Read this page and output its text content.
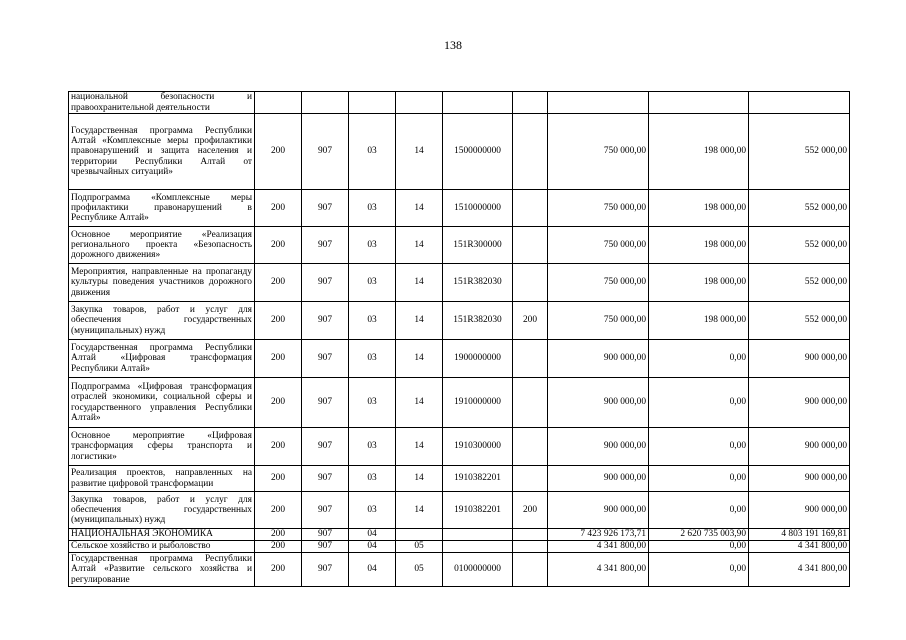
138
национальной безопасности и правоохранительной деятельности									
Государственная программа Республики Алтай «Комплексные меры профилактики правонарушений и защита населения и территории Республики Алтай от чрезвычайных ситуаций»	200	907	03	14	1500000000		750 000,00	198 000,00	552 000,00
Подпрограмма «Комплексные меры профилактики правонарушений в Республике Алтай»	200	907	03	14	1510000000		750 000,00	198 000,00	552 000,00
Основное мероприятие «Реализация регионального проекта «Безопасность дорожного движения»	200	907	03	14	151R300000		750 000,00	198 000,00	552 000,00
Мероприятия, направленные на пропаганду культуры поведения участников дорожного движения	200	907	03	14	151R382030		750 000,00	198 000,00	552 000,00
Закупка товаров, работ и услуг для обеспечения государственных (муниципальных) нужд	200	907	03	14	151R382030	200	750 000,00	198 000,00	552 000,00
Государственная программа Республики Алтай «Цифровая трансформация Республики Алтай»	200	907	03	14	1900000000		900 000,00	0,00	900 000,00
Подпрограмма «Цифровая трансформация отраслей экономики, социальной сферы и государственного управления Республики Алтай»	200	907	03	14	1910000000		900 000,00	0,00	900 000,00
Основное мероприятие «Цифровая трансформация сферы транспорта и логистики»	200	907	03	14	1910300000		900 000,00	0,00	900 000,00
Реализация проектов, направленных на развитие цифровой трансформации	200	907	03	14	1910382201		900 000,00	0,00	900 000,00
Закупка товаров, работ и услуг для обеспечения государственных (муниципальных) нужд	200	907	03	14	1910382201	200	900 000,00	0,00	900 000,00
НАЦИОНАЛЬНАЯ ЭКОНОМИКА	200	907	04				7 423 926 173,71	2 620 735 003,90	4 803 191 169,81
Сельское хозяйство и рыболовство	200	907	04	05			4 341 800,00	0,00	4 341 800,00
Государственная программа Республики Алтай «Развитие сельского хозяйства и регулирование	200	907	04	05	0100000000		4 341 800,00	0,00	4 341 800,00
